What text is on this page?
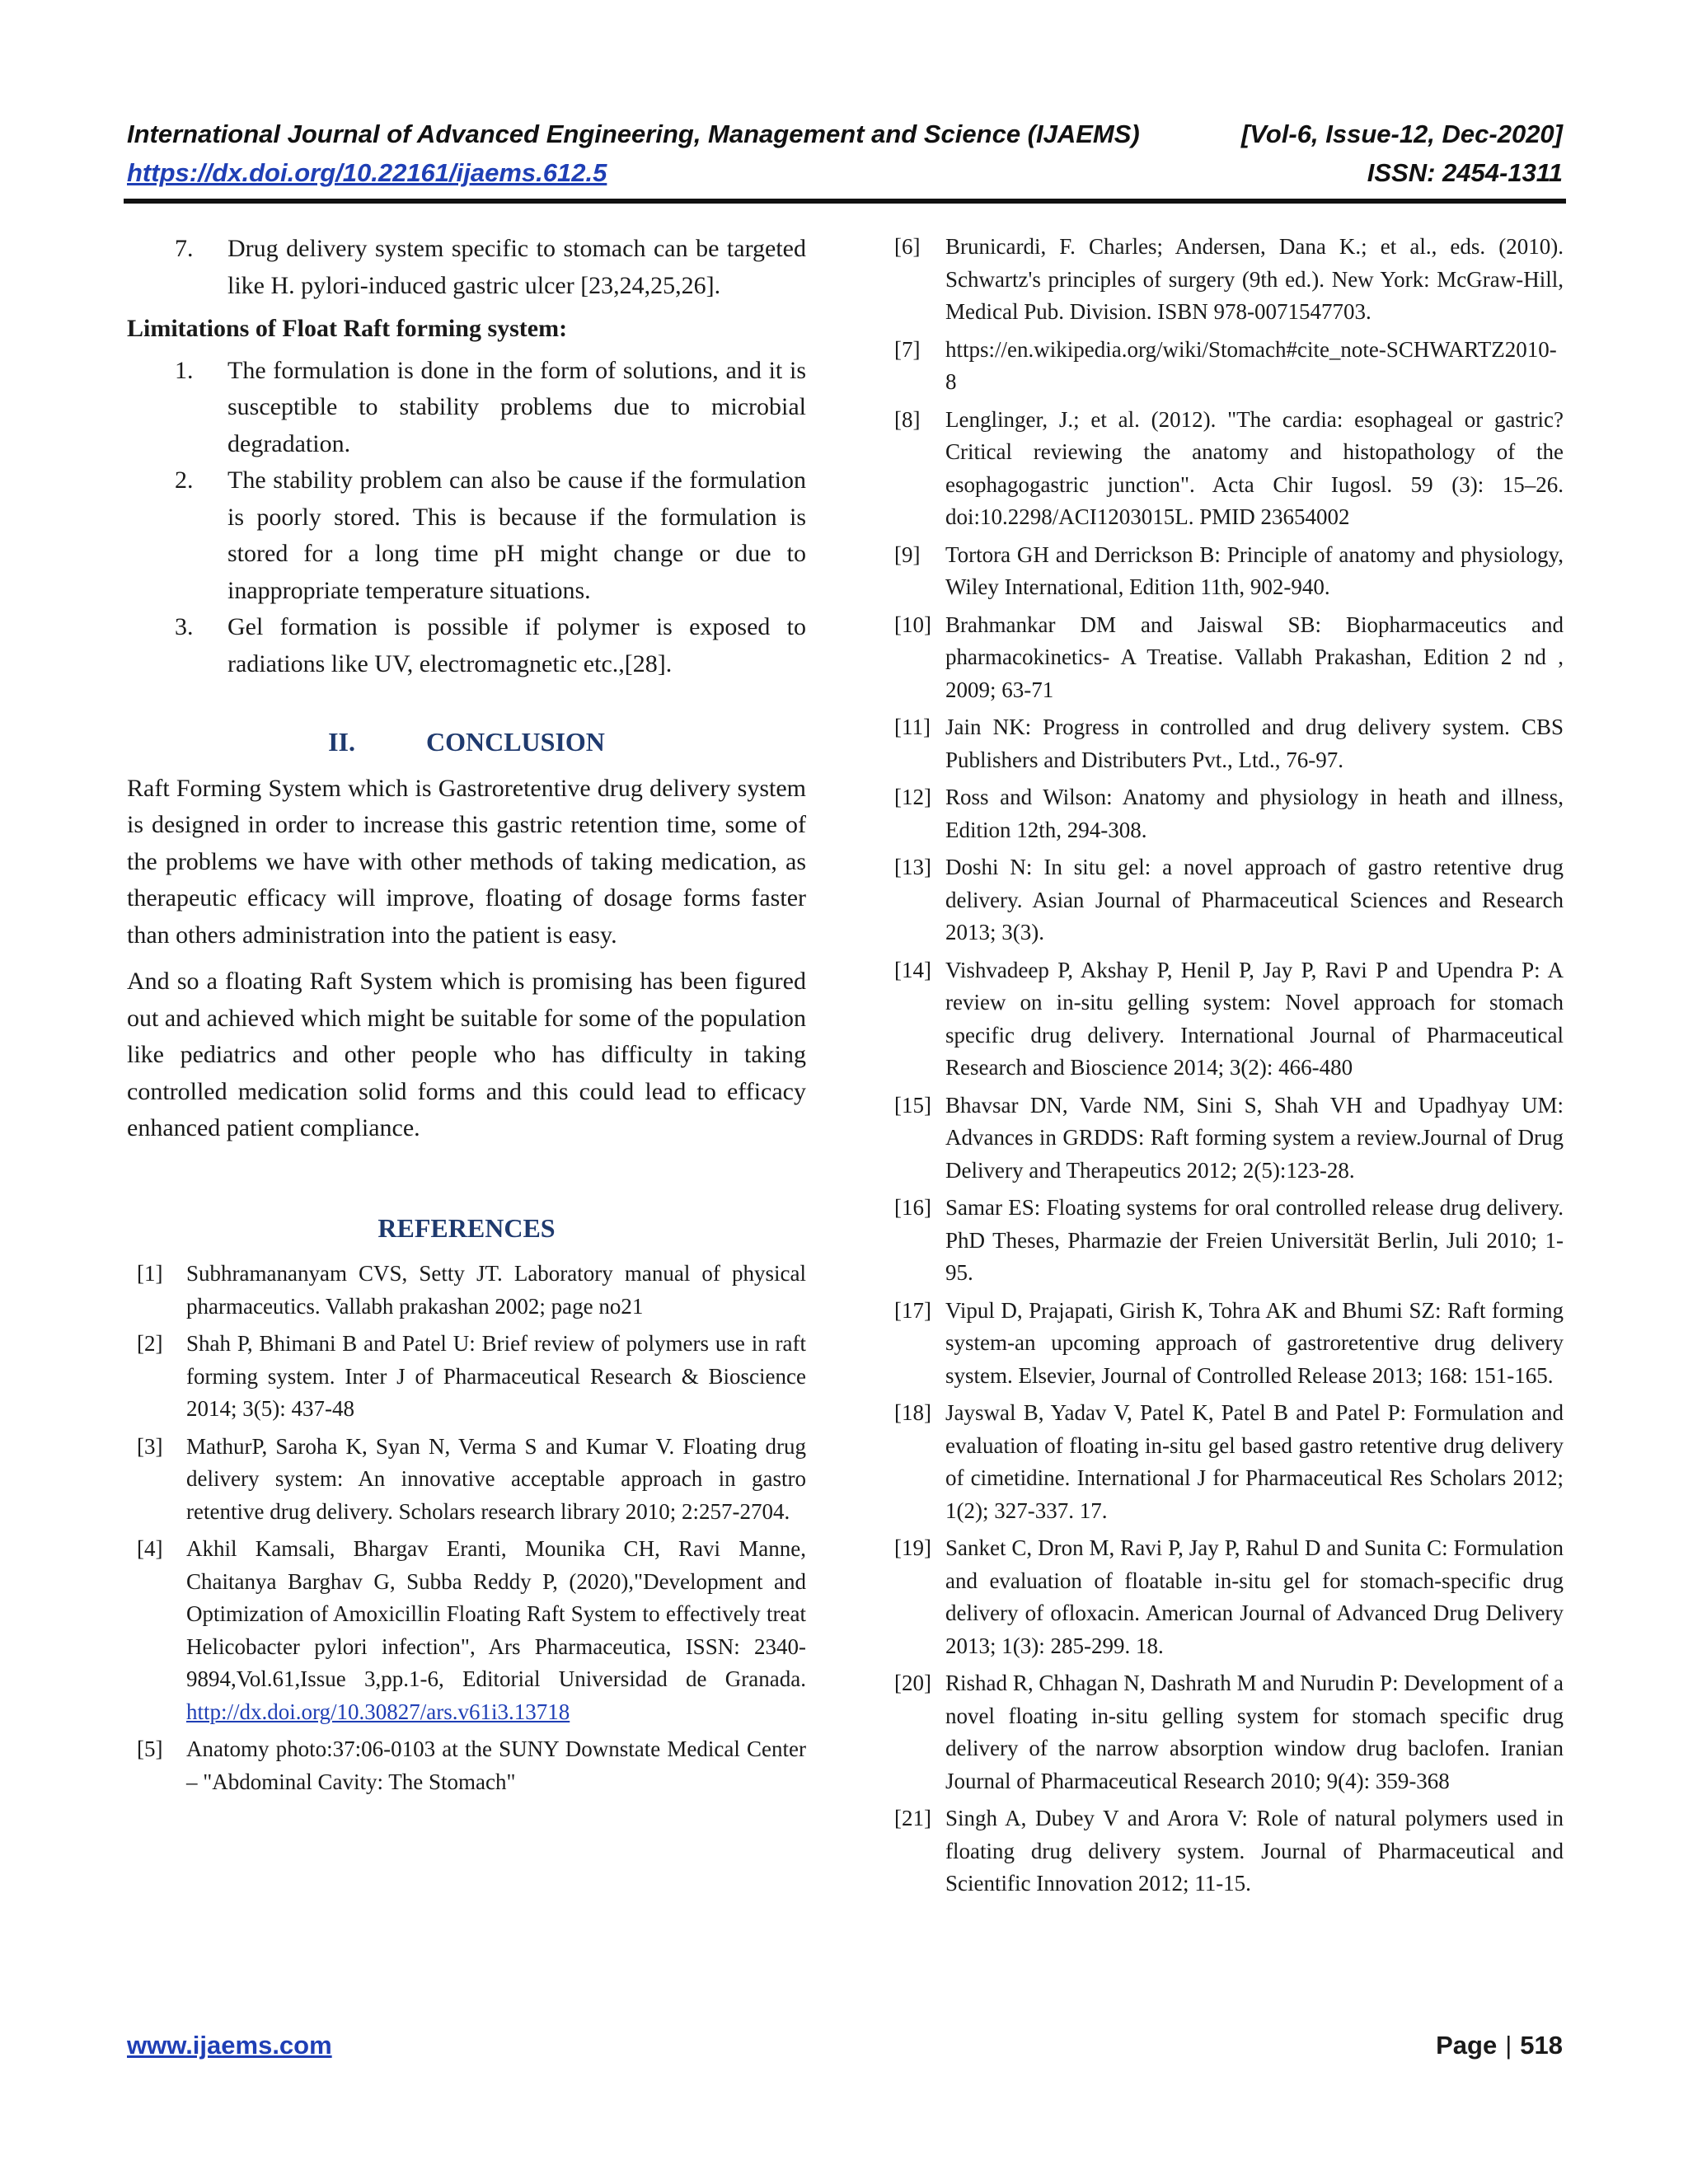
International Journal of Advanced Engineering, Management and Science (IJAEMS)	[Vol-6, Issue-12, Dec-2020]
https://dx.doi.org/10.22161/ijaems.612.5	ISSN: 2454-1311
7. Drug delivery system specific to stomach can be targeted like H. pylori-induced gastric ulcer [23,24,25,26].
Limitations of Float Raft forming system:
1. The formulation is done in the form of solutions, and it is susceptible to stability problems due to microbial degradation.
2. The stability problem can also be cause if the formulation is poorly stored. This is because if the formulation is stored for a long time pH might change or due to inappropriate temperature situations.
3. Gel formation is possible if polymer is exposed to radiations like UV, electromagnetic etc.,[28].
II.	CONCLUSION

Raft Forming System which is Gastroretentive drug delivery system is designed in order to increase this gastric retention time, some of the problems we have with other methods of taking medication, as therapeutic efficacy will improve, floating of dosage forms faster than others administration into the patient is easy.

And so a floating Raft System which is promising has been figured out and achieved which might be suitable for some of the population like pediatrics and other people who has difficulty in taking controlled medication solid forms and this could lead to efficacy enhanced patient compliance.

REFERENCES
[1] Subhramananyam CVS, Setty JT. Laboratory manual of physical pharmaceutics. Vallabh prakashan 2002; page no21
[2] Shah P, Bhimani B and Patel U: Brief review of polymers use in raft forming system. Inter J of Pharmaceutical Research & Bioscience 2014; 3(5): 437-48
[3] MathurP, Saroha K, Syan N, Verma S and Kumar V. Floating drug delivery system: An innovative acceptable approach in gastro retentive drug delivery. Scholars research library 2010; 2:257-2704.
[4] Akhil Kamsali, Bhargav Eranti, Mounika CH, Ravi Manne, Chaitanya Barghav G, Subba Reddy P, (2020),"Development and Optimization of Amoxicillin Floating Raft System to effectively treat Helicobacter pylori infection", Ars Pharmaceutica, ISSN: 2340-9894,Vol.61,Issue 3,pp.1-6, Editorial Universidad de Granada. http://dx.doi.org/10.30827/ars.v61i3.13718
[5] Anatomy photo:37:06-0103 at the SUNY Downstate Medical Center – "Abdominal Cavity: The Stomach"
[6] Brunicardi, F. Charles; Andersen, Dana K.; et al., eds. (2010). Schwartz's principles of surgery (9th ed.). New York: McGraw-Hill, Medical Pub. Division. ISBN 978-0071547703.
[7] https://en.wikipedia.org/wiki/Stomach#cite_note-SCHWARTZ2010-8
[8] Lenglinger, J.; et al. (2012). "The cardia: esophageal or gastric? Critical reviewing the anatomy and histopathology of the esophagogastric junction". Acta Chir Iugosl. 59 (3): 15–26. doi:10.2298/ACI1203015L. PMID 23654002
[9] Tortora GH and Derrickson B: Principle of anatomy and physiology, Wiley International, Edition 11th, 902-940.
[10] Brahmankar DM and Jaiswal SB: Biopharmaceutics and pharmacokinetics- A Treatise. Vallabh Prakashan, Edition 2 nd , 2009; 63-71
[11] Jain NK: Progress in controlled and drug delivery system. CBS Publishers and Distributers Pvt., Ltd., 76-97.
[12] Ross and Wilson: Anatomy and physiology in heath and illness, Edition 12th, 294-308.
[13] Doshi N: In situ gel: a novel approach of gastro retentive drug delivery. Asian Journal of Pharmaceutical Sciences and Research 2013; 3(3).
[14] Vishvadeep P, Akshay P, Henil P, Jay P, Ravi P and Upendra P: A review on in-situ gelling system: Novel approach for stomach specific drug delivery. International Journal of Pharmaceutical Research and Bioscience 2014; 3(2): 466-480
[15] Bhavsar DN, Varde NM, Sini S, Shah VH and Upadhyay UM: Advances in GRDDS: Raft forming system a review.Journal of Drug Delivery and Therapeutics 2012; 2(5):123-28.
[16] Samar ES: Floating systems for oral controlled release drug delivery. PhD Theses, Pharmazie der Freien Universität Berlin, Juli 2010; 1-95.
[17] Vipul D, Prajapati, Girish K, Tohra AK and Bhumi SZ: Raft forming system-an upcoming approach of gastroretentive drug delivery system. Elsevier, Journal of Controlled Release 2013; 168: 151-165.
[18] Jayswal B, Yadav V, Patel K, Patel B and Patel P: Formulation and evaluation of floating in-situ gel based gastro retentive drug delivery of cimetidine. International J for Pharmaceutical Res Scholars 2012; 1(2); 327-337. 17.
[19] Sanket C, Dron M, Ravi P, Jay P, Rahul D and Sunita C: Formulation and evaluation of floatable in-situ gel for stomach-specific drug delivery of ofloxacin. American Journal of Advanced Drug Delivery 2013; 1(3): 285-299. 18.
[20] Rishad R, Chhagan N, Dashrath M and Nurudin P: Development of a novel floating in-situ gelling system for stomach specific drug delivery of the narrow absorption window drug baclofen. Iranian Journal of Pharmaceutical Research 2010; 9(4): 359-368
[21] Singh A, Dubey V and Arora V: Role of natural polymers used in floating drug delivery system. Journal of Pharmaceutical and Scientific Innovation 2012; 11-15.
www.ijaems.com	Page | 518
